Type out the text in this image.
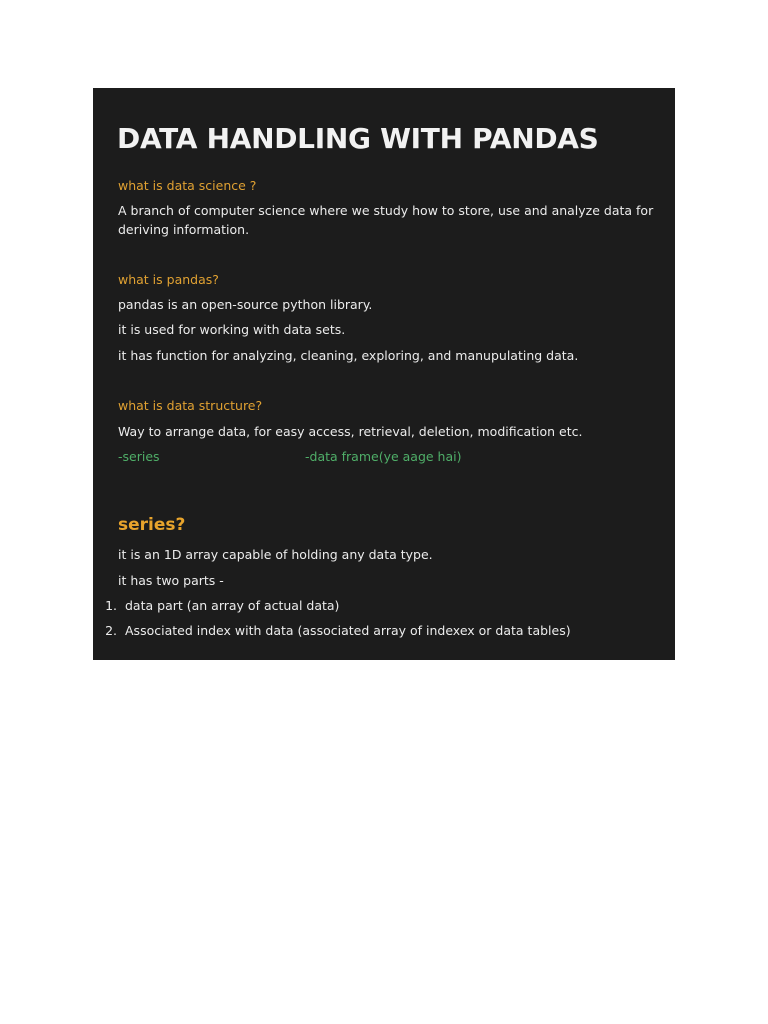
DATA HANDLING WITH PANDAS
what is data science ?
A branch of computer science where we study how to store, use and analyze data for deriving information.
what is pandas?
pandas is an open-source python library.
it is used for working with data sets.
it has function for analyzing, cleaning, exploring, and manupulating data.
what is data structure?
Way to arrange data, for easy access, retrieval, deletion, modification etc.
-series	-data frame(ye aage hai)
series?
it is an 1D array capable of holding any data type.
it has two parts -
1. data part (an array of actual data)
2. Associated index with data (associated array of indexex or data tables)
